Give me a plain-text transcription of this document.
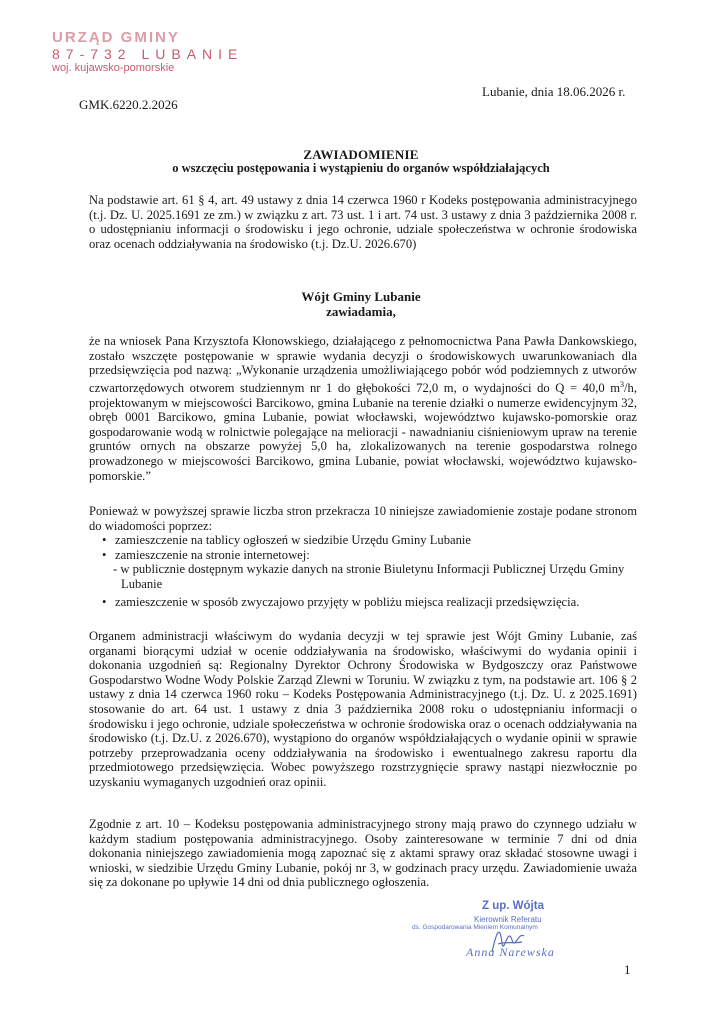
URZĄD GMINY
87-732 LUBANIE
woj. kujawsko-pomorskie
Lubanie, dnia 18.06.2026 r.
GMK.6220.2.2026
ZAWIADOMIENIE
o wszczęciu postępowania i wystąpieniu do organów współdziałających

Na podstawie art. 61 § 4, art. 49 ustawy z dnia 14 czerwca 1960 r Kodeks postępowania administracyjnego (t.j. Dz. U. 2025.1691 ze zm.) w związku z art. 73 ust. 1 i art. 74 ust. 3 ustawy z dnia 3 października 2008 r. o udostępnianiu informacji o środowisku i jego ochronie, udziale społeczeństwa w ochronie środowiska oraz ocenach oddziaływania na środowisko (t.j. Dz.U. 2026.670)

Wójt Gminy Lubanie
zawiadamia,

że na wniosek Pana Krzysztofa Kłonowskiego, działającego z pełnomocnictwa Pana Pawła Dankowskiego, zostało wszczęte postępowanie w sprawie wydania decyzji o środowiskowych uwarunkowaniach dla przedsięwzięcia pod nazwą: „Wykonanie urządzenia umożliwiającego pobór wód podziemnych z utworów czwartorzędowych otworem studziennym nr 1 do głębokości 72,0 m, o wydajności do Q = 40,0 $m^3/h$, projektowanym w miejscowości Barcikowo, gmina Lubanie na terenie działki o numerze ewidencyjnym 32, obręb 0001 Barcikowo, gmina Lubanie, powiat włocławski, województwo kujawsko-pomorskie oraz gospodarowanie wodą w rolnictwie polegające na melioracji - nawadnianiu ciśnieniowym upraw na terenie gruntów ornych na obszarze powyżej 5,0 ha, zlokalizowanych na terenie gospodarstwa rolnego prowadzonego w miejscowości Barcikowo, gmina Lubanie, powiat włocławski, województwo kujawsko-pomorskie.”

Ponieważ w powyższej sprawie liczba stron przekracza 10 niniejsze zawiadomienie zostaje podane stronom do wiadomości poprzez:

• zamieszczenie na tablicy ogłoszeń w siedzibie Urzędu Gminy Lubanie
• zamieszczenie na stronie internetowej:
- w publicznie dostępnym wykazie danych na stronie Biuletynu Informacji Publicznej Urzędu Gminy Lubanie
• zamieszczenie w sposób zwyczajowo przyjęty w pobliżu miejsca realizacji przedsięwzięcia.

Organem administracji właściwym do wydania decyzji w tej sprawie jest Wójt Gminy Lubanie, zaś organami biorącymi udział w ocenie oddziaływania na środowisko, właściwymi do wydania opinii i dokonania uzgodnień są: Regionalny Dyrektor Ochrony Środowiska w Bydgoszczy oraz Państwowe Gospodarstwo Wodne Wody Polskie Zarząd Zlewni w Toruniu. W związku z tym, na podstawie art. 106 § 2 ustawy z dnia 14 czerwca 1960 roku – Kodeks Postępowania Administracyjnego (t.j. Dz. U. z 2025.1691) stosowanie do art. 64 ust. 1 ustawy z dnia 3 października 2008 roku o udostępnianiu informacji o środowisku i jego ochronie, udziale społeczeństwa w ochronie środowiska oraz o ocenach oddziaływania na środowisko (t.j. Dz.U. z 2026.670), wystąpiono do organów współdziałających o wydanie opinii w sprawie potrzeby przeprowadzania oceny oddziaływania na środowisko i ewentualnego zakresu raportu dla przedmiotowego przedsięwzięcia. Wobec powyższego rozstrzygnięcie sprawy nastąpi niezwłocznie po uzyskaniu wymaganych uzgodnień oraz opinii.

Zgodnie z art. 10 – Kodeksu postępowania administracyjnego strony mają prawo do czynnego udziału w każdym stadium postępowania administracyjnego. Osoby zainteresowane w terminie 7 dni od dnia dokonania niniejszego zawiadomienia mogą zapoznać się z aktami sprawy oraz składać stosowne uwagi i wnioski, w siedzibie Urzędu Gminy Lubanie, pokój nr 3, w godzinach pracy urzędu. Zawiadomienie uważa się za dokonane po upływie 14 dni od dnia publicznego ogłoszenia.

Z up. Wójta
Kierownik Referatu
ds. Gospodarowania Mieniem Komunalnym
Anna Narewska
1
